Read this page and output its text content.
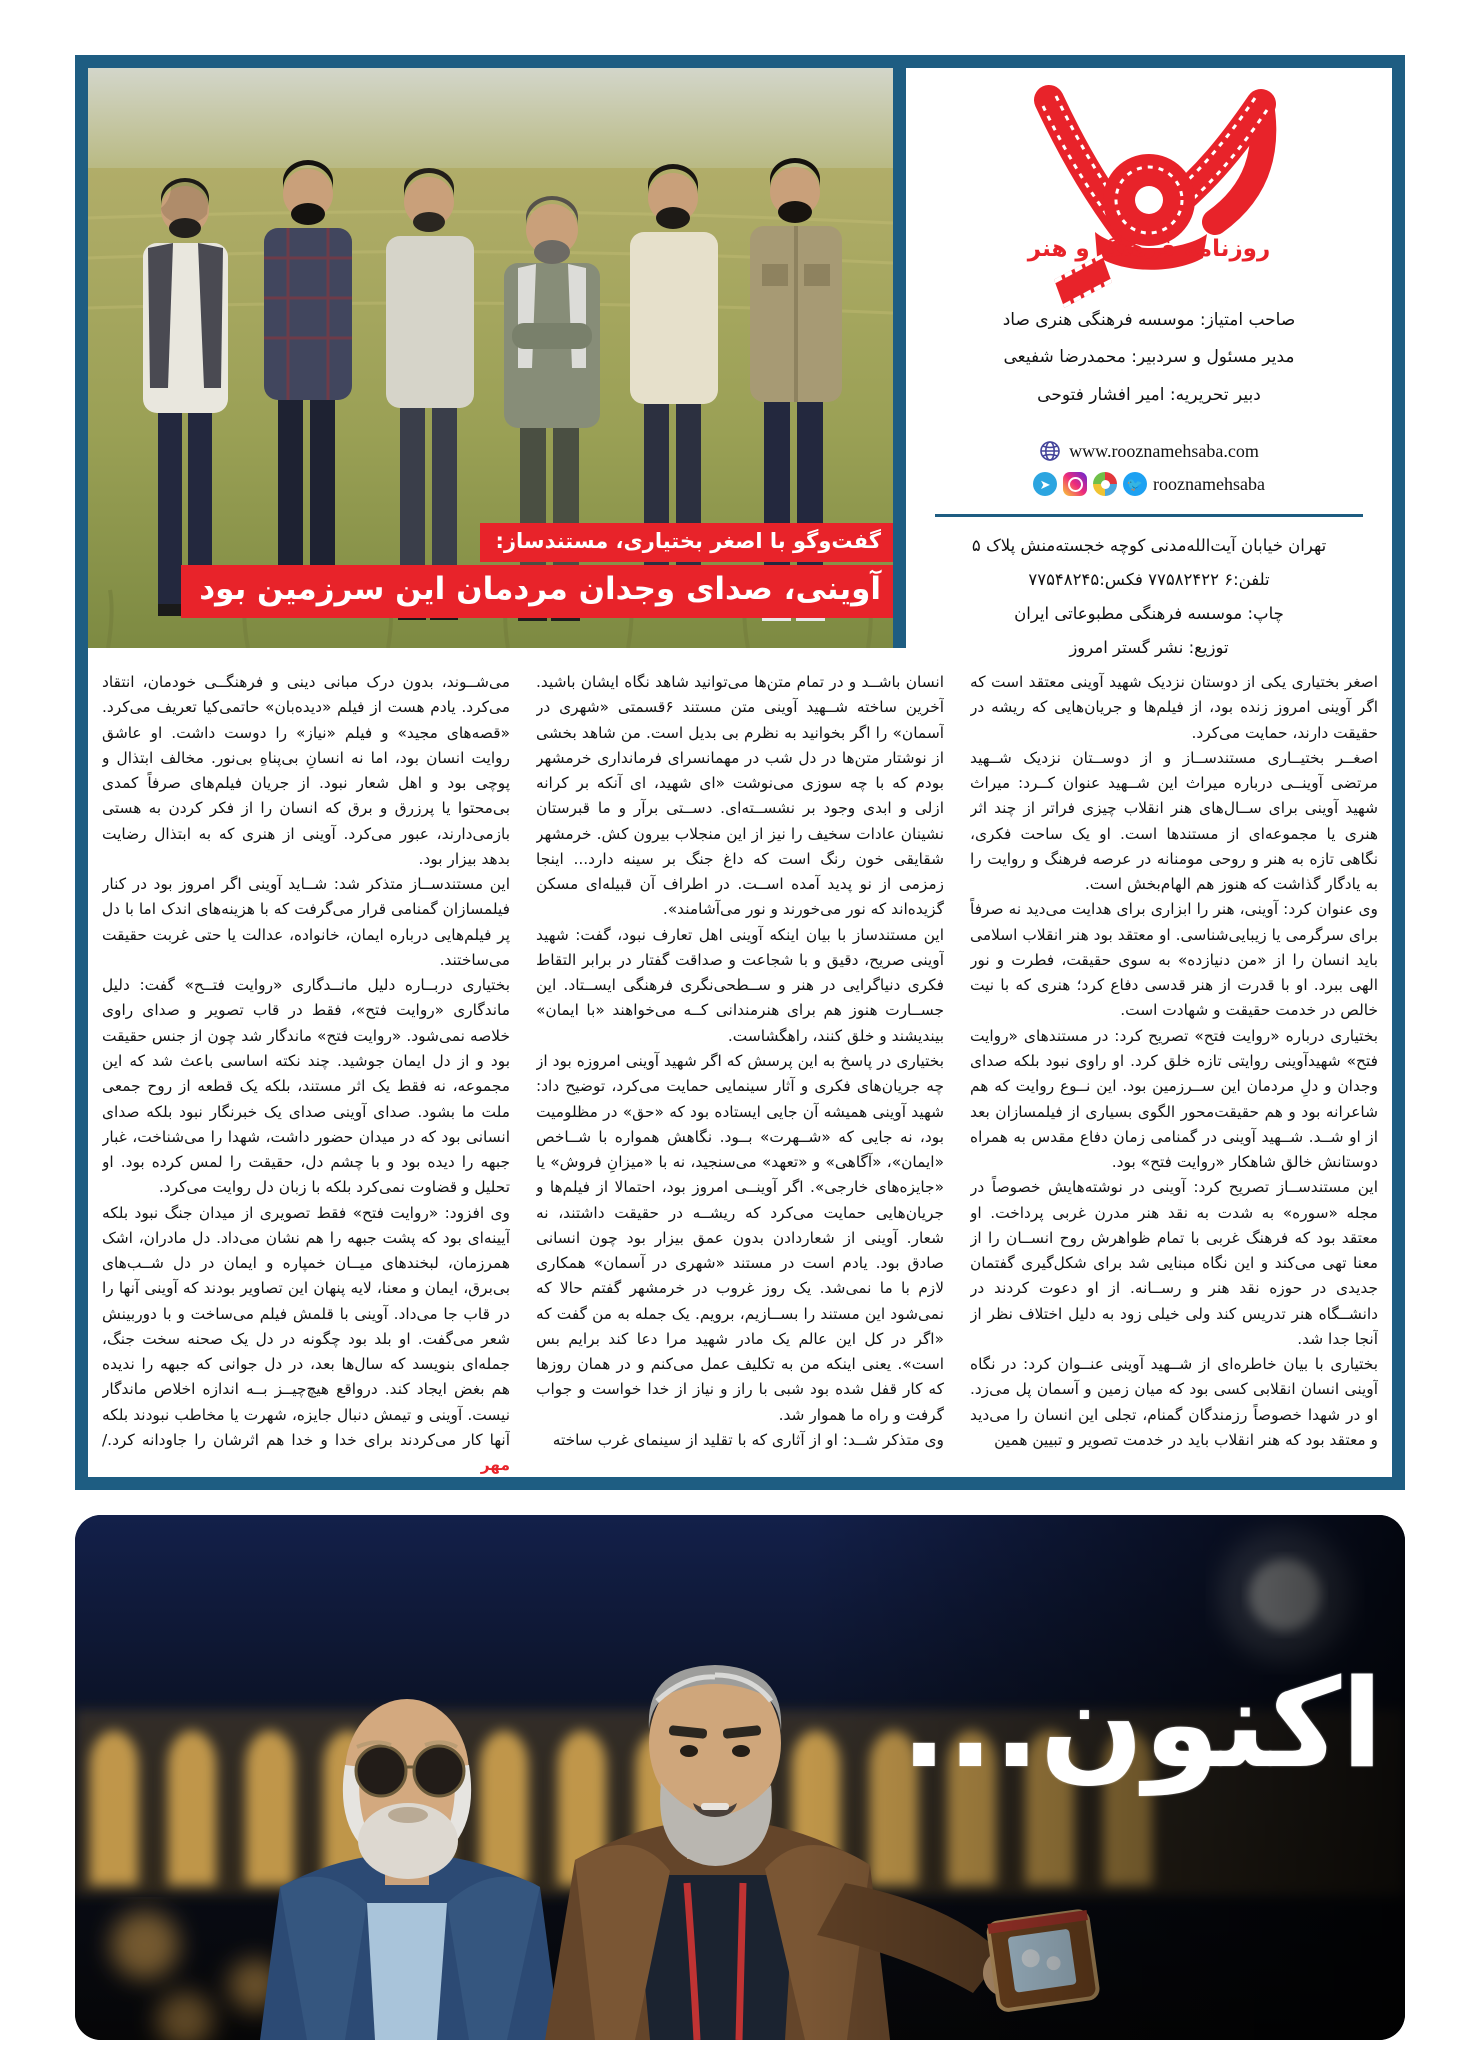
گفت‌وگو با اصغر بختیاری، مستندساز:
آوینی، صدای وجدان مردمان این سرزمین بود
روزنامه فرهنگ و هنر
صاحب امتیاز: موسسه فرهنگی هنری صاد
مدیر مسئول و سردبیر: محمدرضا شفیعی
دبیر تحریریه: امیر افشار فتوحی
www.rooznamehsaba.com
➤	🐦 rooznamehsaba
تهران خیابان آیت‌الله‌مدنی کوچه خجسته‌منش پلاک ۵
تلفن:۶ ۷۷۵۸۲۴۲۲ فکس:۷۷۵۴۸۲۴۵
چاپ: موسسه فرهنگی مطبوعاتی ایران
توزیع: نشر گستر امروز

اصغر بختیاری یکی از دوستان نزدیک شهید آوینی معتقد است که اگر آوینی امروز زنده بود، از فیلم‌ها و جریان‌هایی که ریشه در حقیقت دارند، حمایت می‌کرد.

اصغــر بختیــاری مستندســاز و از دوســتان نزدیک شــهید مرتضی آوینــی درباره میراث این شــهید عنوان کــرد: میراث شهید آوینی برای ســال‌های هنر انقلاب چیزی فراتر از چند اثر هنری یا مجموعه‌ای از مستندها است. او یک ساحت فکری، نگاهی تازه به هنر و روحی مومنانه در عرصه فرهنگ و روایت را به یادگار گذاشت که هنوز هم الهام‌بخش است.

وی عنوان کرد: آوینی، هنر را ابزاری برای هدایت می‌دید نه صرفاً برای سرگرمی یا زیبایی‌شناسی. او معتقد بود هنر انقلاب اسلامی باید انسان را از «من دنیازده» به سوی حقیقت، فطرت و نور الهی ببرد. او با قدرت از هنر قدسی دفاع کرد؛ هنری که با نیت خالص در خدمت حقیقت و شهادت است.

بختیاری درباره «روایت فتح» تصریح کرد: در مستندهای «روایت فتح» شهیدآوینی روایتی تازه خلق کرد. او راوی نبود بلکه صدای وجدان و دلِ مردمان این ســرزمین بود. این نــوع روایت که هم شاعرانه بود و هم حقیقت‌محور الگوی بسیاری از فیلمسازان بعد از او شــد. شــهید آوینی در گمنامی زمان دفاع مقدس به همراه دوستانش خالق شاهکار «روایت فتح» بود.

این مستندســاز تصریح کرد: آوینی در نوشته‌هایش خصوصاً در مجله «سوره» به شدت به نقد هنر مدرن غربی پرداخت. او معتقد بود که فرهنگ غربی با تمام ظواهرش روح انســان را از معنا تهی می‌کند و این نگاه مبنایی شد برای شکل‌گیری گفتمان جدیدی در حوزه نقد هنر و رســانه. از او دعوت کردند در دانشــگاه هنر تدریس کند ولی خیلی زود به دلیل اختلاف نظر از آنجا جدا شد.

بختیاری با بیان خاطره‌ای از شــهید آوینی عنــوان کرد: در نگاه آوینی انسان انقلابی کسی بود که میان زمین و آسمان پل می‌زد. او در شهدا خصوصاً رزمندگان گمنام، تجلی این انسان را می‌دید و معتقد بود که هنر انقلاب باید در خدمت تصویر و تبیین همین

انسان باشــد و در تمام متن‌ها می‌توانید شاهد نگاه ایشان باشید. آخرین ساخته شــهید آوینی متن مستند ۶قسمتی «شهری در آسمان» را اگر بخوانید به نظرم بی بدیل است. من شاهد بخشی از نوشتار متن‌ها در دل شب در مهمانسرای فرمانداری خرمشهر بودم که با چه سوزی می‌نوشت «ای شهید، ای آنکه بر کرانه ازلی و ابدی وجود بر نشســته‌ای. دســتی برآر و ما قبرستان نشینان عادات سخیف را نیز از این منجلاب بیرون کش. خرمشهر شقایقی خون رنگ است که داغ جنگ بر سینه دارد... اینجا زمزمی از نو پدید آمده اســت. در اطراف آن قبیله‌ای مسکن گزیده‌اند که نور می‌خورند و نور می‌آشامند».

این مستندساز با بیان اینکه آوینی اهل تعارف نبود، گفت: شهید آوینی صریح، دقیق و با شجاعت و صداقت گفتار در برابر التقاط فکری دنیاگرایی در هنر و ســطحی‌نگری فرهنگی ایســتاد. این جســارت هنوز هم برای هنرمندانی کــه می‌خواهند «با ایمان» بیندیشند و خلق کنند، راهگشاست.

بختیاری در پاسخ به این پرسش که اگر شهید آوینی امروزه بود از چه جریان‌های فکری و آثار سینمایی حمایت می‌کرد، توضیح داد: شهید آوینی همیشه آن جایی ایستاده بود که «حق» در مظلومیت بود، نه جایی که «شــهرت» بــود. نگاهش همواره با شــاخص «ایمان»، «آگاهی» و «تعهد» می‌سنجید، نه با «میزانِ فروش» یا «جایزه‌های خارجی». اگر آوینــی امروز بود، احتمالا از فیلم‌ها و جریان‌هایی حمایت می‌کرد که ریشــه در حقیقت داشتند، نه شعار. آوینی از شعاردادن بدون عمق بیزار بود چون انسانی صادق بود. یادم است در مستند «شهری در آسمان» همکاری لازم با ما نمی‌شد. یک روز غروب در خرمشهر گفتم حالا که نمی‌شود این مستند را بســازیم، برویم. یک جمله به من گفت که «اگر در کل این عالم یک مادر شهید مرا دعا کند برایم بس است». یعنی اینکه من به تکلیف عمل می‌کنم و در همان روزها که کار قفل شده بود شبی با راز و نیاز از خدا خواست و جواب گرفت و راه ما هموار شد.

وی متذکر شــد: او از آثاری که با تقلید از سینمای غرب ساخته

می‌شــوند، بدون درک مبانی دینی و فرهنگــی خودمان، انتقاد می‌کرد. یادم هست از فیلم «دیده‌بان» حاتمی‌کیا تعریف می‌کرد. «قصه‌های مجید» و فیلم «نیاز» را دوست داشت. او عاشق روایت انسان بود، اما نه انسانِ بی‌پناهِ بی‌نور. مخالف ابتذال و پوچی بود و اهل شعار نبود. از جریان فیلم‌های صرفاً کمدی بی‌محتوا یا پرزرق و برق که انسان را از فکر کردن به هستی بازمی‌دارند، عبور می‌کرد. آوینی از هنری که به ابتذال رضایت بدهد بیزار بود.

این مستندســاز متذکر شد: شــاید آوینی اگر امروز بود در کنار فیلمسازان گمنامی قرار می‌گرفت که با هزینه‌های اندک اما با دل پر فیلم‌هایی درباره ایمان، خانواده، عدالت یا حتی غربت حقیقت می‌ساختند.

بختیاری دربــاره دلیل مانــدگاری «روایت فتــح» گفت: دلیل ماندگاری «روایت فتح»، فقط در قاب تصویر و صدای راوی خلاصه نمی‌شود. «روایت فتح» ماندگار شد چون از جنس حقیقت بود و از دل ایمان جوشید. چند نکته اساسی باعث شد که این مجموعه، نه فقط یک اثر مستند، بلکه یک قطعه از روح جمعی ملت ما بشود. صدای آوینی صدای یک خبرنگار نبود بلکه صدای انسانی بود که در میدان حضور داشت، شهدا را می‌شناخت، غبار جبهه را دیده بود و با چشم دل، حقیقت را لمس کرده بود. او تحلیل و قضاوت نمی‌کرد بلکه با زبان دل روایت می‌کرد.

وی افزود: «روایت فتح» فقط تصویری از میدان جنگ نبود بلکه آیینه‌ای بود که پشت جبهه را هم نشان می‌داد. دل مادران، اشک همرزمان، لبخندهای میــان خمپاره و ایمان در دل شــب‌های بی‌برق، ایمان و معنا، لایه پنهان این تصاویر بودند که آوینی آنها را در قاب جا می‌داد. آوینی با قلمش فیلم می‌ساخت و با دوربینش شعر می‌گفت. او بلد بود چگونه در دل یک صحنه سخت جنگ، جمله‌ای بنویسد که سال‌ها بعد، در دل جوانی که جبهه را ندیده هم بغض ایجاد کند. درواقع هیچ‌چیــز بــه اندازه اخلاص ماندگار نیست. آوینی و تیمش دنبال جایزه، شهرت یا مخاطب نبودند بلکه آنها کار می‌کردند برای خدا و خدا هم اثرشان را جاودانه کرد./ مهر

اکنون...
